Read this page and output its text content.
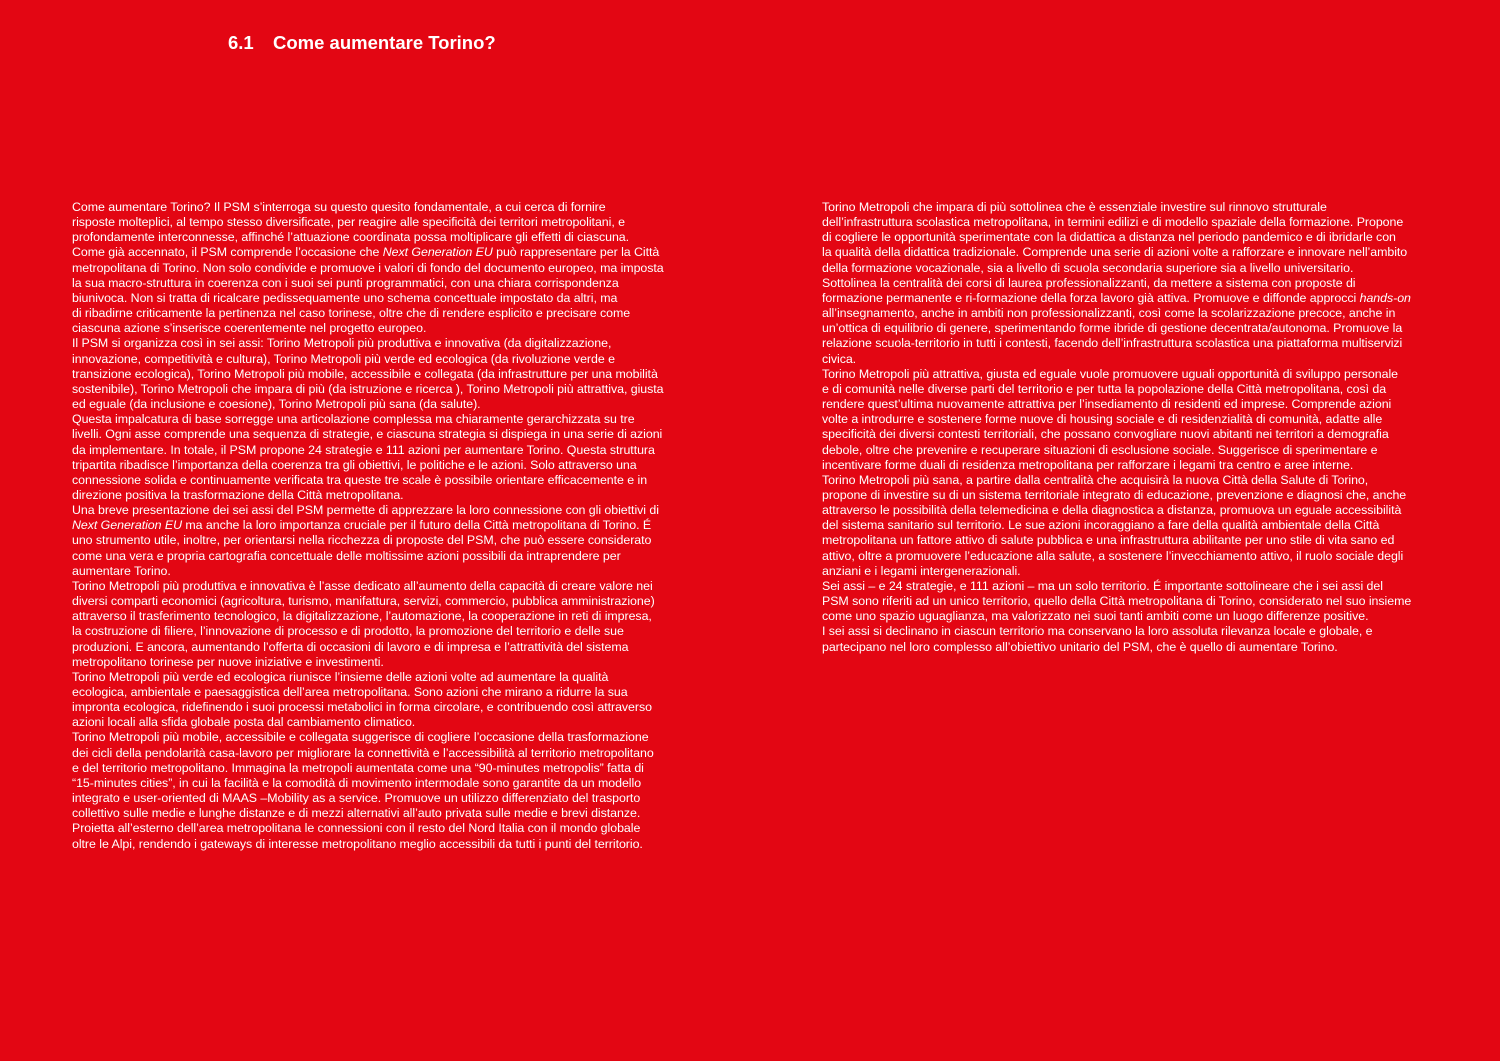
6.1 Come aumentare Torino?
Come aumentare Torino? Il PSM s’interroga su questo quesito fondamentale, a cui cerca di fornire
risposte molteplici, al tempo stesso diversificate, per reagire alle specificità dei territori metropolitani, e
profondamente interconnesse, affinché l’attuazione coordinata possa moltiplicare gli effetti di ciascuna.
Come già accennato, il PSM comprende l’occasione che Next Generation EU può rappresentare per la Città
metropolitana di Torino. Non solo condivide e promuove i valori di fondo del documento europeo, ma imposta
la sua macro-struttura in coerenza con i suoi sei punti programmatici, con una chiara corrispondenza
biunivoca. Non si tratta di ricalcare pedissequamente uno schema concettuale impostato da altri, ma
di ribadirne criticamente la pertinenza nel caso torinese, oltre che di rendere esplicito e precisare come
ciascuna azione s’inserisce coerentemente nel progetto europeo.
Il PSM si organizza così in sei assi: Torino Metropoli più produttiva e innovativa (da digitalizzazione,
innovazione, competitività e cultura), Torino Metropoli più verde ed ecologica (da rivoluzione verde e
transizione ecologica), Torino Metropoli più mobile, accessibile e collegata (da infrastrutture per una mobilità
sostenibile), Torino Metropoli che impara di più (da istruzione e ricerca ), Torino Metropoli più attrattiva, giusta
ed eguale (da inclusione e coesione), Torino Metropoli più sana (da salute).
Questa impalcatura di base sorregge una articolazione complessa ma chiaramente gerarchizzata su tre
livelli. Ogni asse comprende una sequenza di strategie, e ciascuna strategia si dispiega in una serie di azioni
da implementare. In totale, il PSM propone 24 strategie e 111 azioni per aumentare Torino. Questa struttura
tripartita ribadisce l’importanza della coerenza tra gli obiettivi, le politiche e le azioni. Solo attraverso una
connessione solida e continuamente verificata tra queste tre scale è possibile orientare efficacemente e in
direzione positiva la trasformazione della Città metropolitana.
Una breve presentazione dei sei assi del PSM permette di apprezzare la loro connessione con gli obiettivi di
Next Generation EU ma anche la loro importanza cruciale per il futuro della Città metropolitana di Torino. É
uno strumento utile, inoltre, per orientarsi nella ricchezza di proposte del PSM, che può essere considerato
come una vera e propria cartografia concettuale delle moltissime azioni possibili da intraprendere per
aumentare Torino.
Torino Metropoli più produttiva e innovativa è l’asse dedicato all’aumento della capacità di creare valore nei
diversi comparti economici (agricoltura, turismo, manifattura, servizi, commercio, pubblica amministrazione)
attraverso il trasferimento tecnologico, la digitalizzazione, l’automazione, la cooperazione in reti di impresa,
la costruzione di filiere, l’innovazione di processo e di prodotto, la promozione del territorio e delle sue
produzioni. E ancora, aumentando l’offerta di occasioni di lavoro e di impresa e l’attrattività del sistema
metropolitano torinese per nuove iniziative e investimenti.
Torino Metropoli più verde ed ecologica riunisce l’insieme delle azioni volte ad aumentare la qualità
ecologica, ambientale e paesaggistica dell’area metropolitana. Sono azioni che mirano a ridurre la sua
impronta ecologica, ridefinendo i suoi processi metabolici in forma circolare, e contribuendo così attraverso
azioni locali alla sfida globale posta dal cambiamento climatico.
Torino Metropoli più mobile, accessibile e collegata suggerisce di cogliere l’occasione della trasformazione
dei cicli della pendolarità casa-lavoro per migliorare la connettività e l’accessibilità al territorio metropolitano
e del territorio metropolitano. Immagina la metropoli aumentata come una “90-minutes metropolis” fatta di
“15-minutes cities”, in cui la facilità e la comodità di movimento intermodale sono garantite da un modello
integrato e user-oriented di MAAS –Mobility as a service. Promuove un utilizzo differenziato del trasporto
collettivo sulle medie e lunghe distanze e di mezzi alternativi all’auto privata sulle medie e brevi distanze.
Proietta all’esterno dell’area metropolitana le connessioni con il resto del Nord Italia con il mondo globale
oltre le Alpi, rendendo i gateways di interesse metropolitano meglio accessibili da tutti i punti del territorio.
Torino Metropoli che impara di più sottolinea che è essenziale investire sul rinnovo strutturale
dell’infrastruttura scolastica metropolitana, in termini edilizi e di modello spaziale della formazione. Propone
di cogliere le opportunità sperimentate con la didattica a distanza nel periodo pandemico e di ibridarle con
la qualità della didattica tradizionale. Comprende una serie di azioni volte a rafforzare e innovare nell’ambito
della formazione vocazionale, sia a livello di scuola secondaria superiore sia a livello universitario.
Sottolinea la centralità dei corsi di laurea professionalizzanti, da mettere a sistema con proposte di
formazione permanente e ri-formazione della forza lavoro già attiva. Promuove e diffonde approcci hands-on
all’insegnamento, anche in ambiti non professionalizzanti, così come la scolarizzazione precoce, anche in
un’ottica di equilibrio di genere, sperimentando forme ibride di gestione decentrata/autonoma. Promuove la
relazione scuola-territorio in tutti i contesti, facendo dell’infrastruttura scolastica una piattaforma multiservizi
civica.
Torino Metropoli più attrattiva, giusta ed eguale vuole promuovere uguali opportunità di sviluppo personale
e di comunità nelle diverse parti del territorio e per tutta la popolazione della Città metropolitana, così da
rendere quest’ultima nuovamente attrattiva per l’insediamento di residenti ed imprese. Comprende azioni
volte a introdurre e sostenere forme nuove di housing sociale e di residenzialità di comunità, adatte alle
specificità dei diversi contesti territoriali, che possano convogliare nuovi abitanti nei territori a demografia
debole, oltre che prevenire e recuperare situazioni di esclusione sociale. Suggerisce di sperimentare e
incentivare forme duali di residenza metropolitana per rafforzare i legami tra centro e aree interne.
Torino Metropoli più sana, a partire dalla centralità che acquisirà la nuova Città della Salute di Torino,
propone di investire su di un sistema territoriale integrato di educazione, prevenzione e diagnosi che, anche
attraverso le possibilità della telemedicina e della diagnostica a distanza, promuova un eguale accessibilità
del sistema sanitario sul territorio. Le sue azioni incoraggiano a fare della qualità ambientale della Città
metropolitana un fattore attivo di salute pubblica e una infrastruttura abilitante per uno stile di vita sano ed
attivo, oltre a promuovere l’educazione alla salute, a sostenere l’invecchiamento attivo, il ruolo sociale degli
anziani e i legami intergenerazionali.
Sei assi – e 24 strategie, e 111 azioni – ma un solo territorio. É importante sottolineare che i sei assi del
PSM sono riferiti ad un unico territorio, quello della Città metropolitana di Torino, considerato nel suo insieme
come uno spazio uguaglianza, ma valorizzato nei suoi tanti ambiti come un luogo differenze positive.
I sei assi si declinano in ciascun territorio ma conservano la loro assoluta rilevanza locale e globale, e
partecipano nel loro complesso all’obiettivo unitario del PSM, che è quello di aumentare Torino.
